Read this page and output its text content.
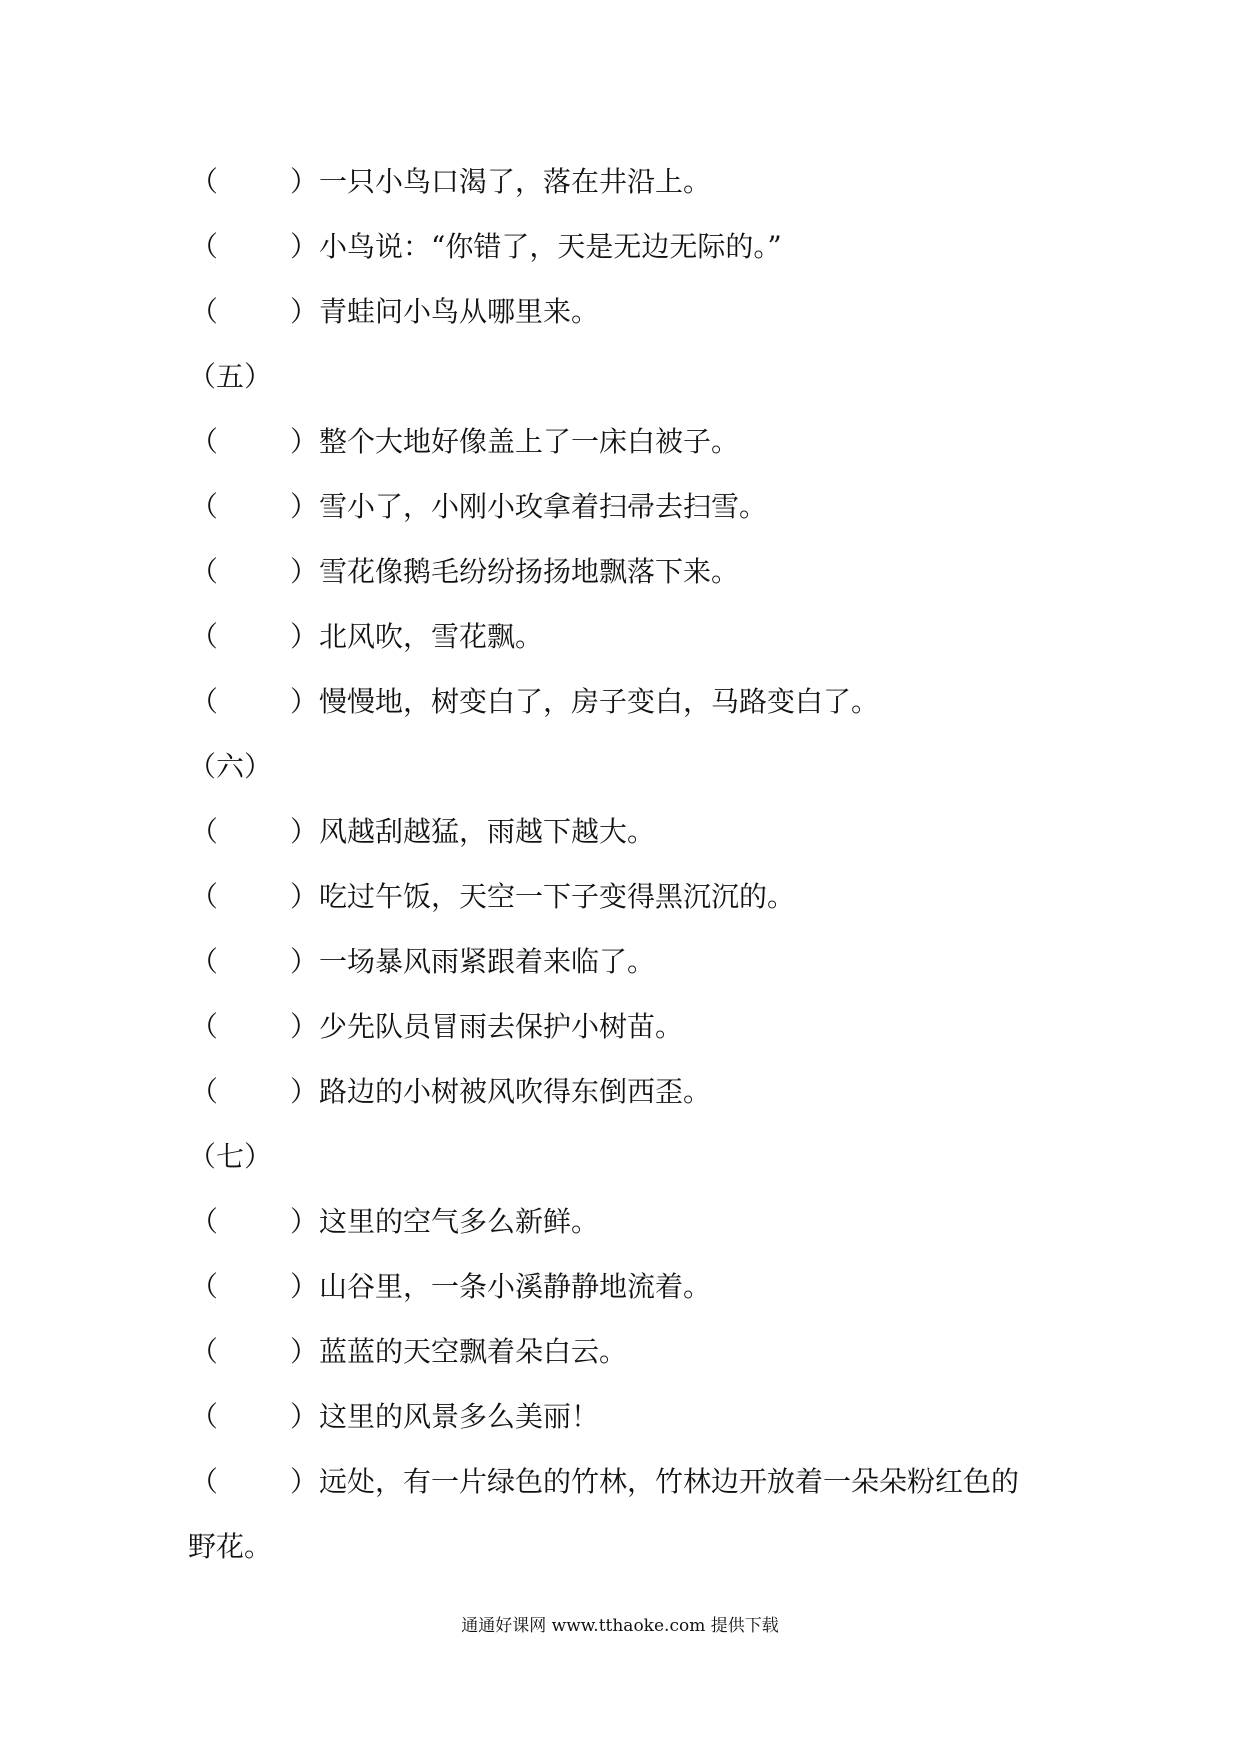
（	） 一只小鸟口渴了，落在井沿上。
（	） 小鸟说：“你错了，天是无边无际的。”
（	） 青蛙问小鸟从哪里来。
（五）
（	） 整个大地好像盖上了一床白被子。
（	） 雪小了，小刚小玫拿着扫帚去扫雪。
（	） 雪花像鹅毛纷纷扬扬地飘落下来。
（	） 北风吹，雪花飘。
（	） 慢慢地，树变白了，房子变白，马路变白了。
（六）
（	） 风越刮越猛，雨越下越大。
（	） 吃过午饭，天空一下子变得黑沉沉的。
（	） 一场暴风雨紧跟着来临了。
（	） 少先队员冒雨去保护小树苗。
（	） 路边的小树被风吹得东倒西歪。
（七）
（	） 这里的空气多么新鲜。
（	） 山谷里，一条小溪静静地流着。
（	） 蓝蓝的天空飘着朵白云。
（	） 这里的风景多么美丽！
（	） 远处，有一片绿色的竹林，竹林边开放着一朵朵粉红色的
野花。
通通好课网 www.tthaoke.com 提供下载
